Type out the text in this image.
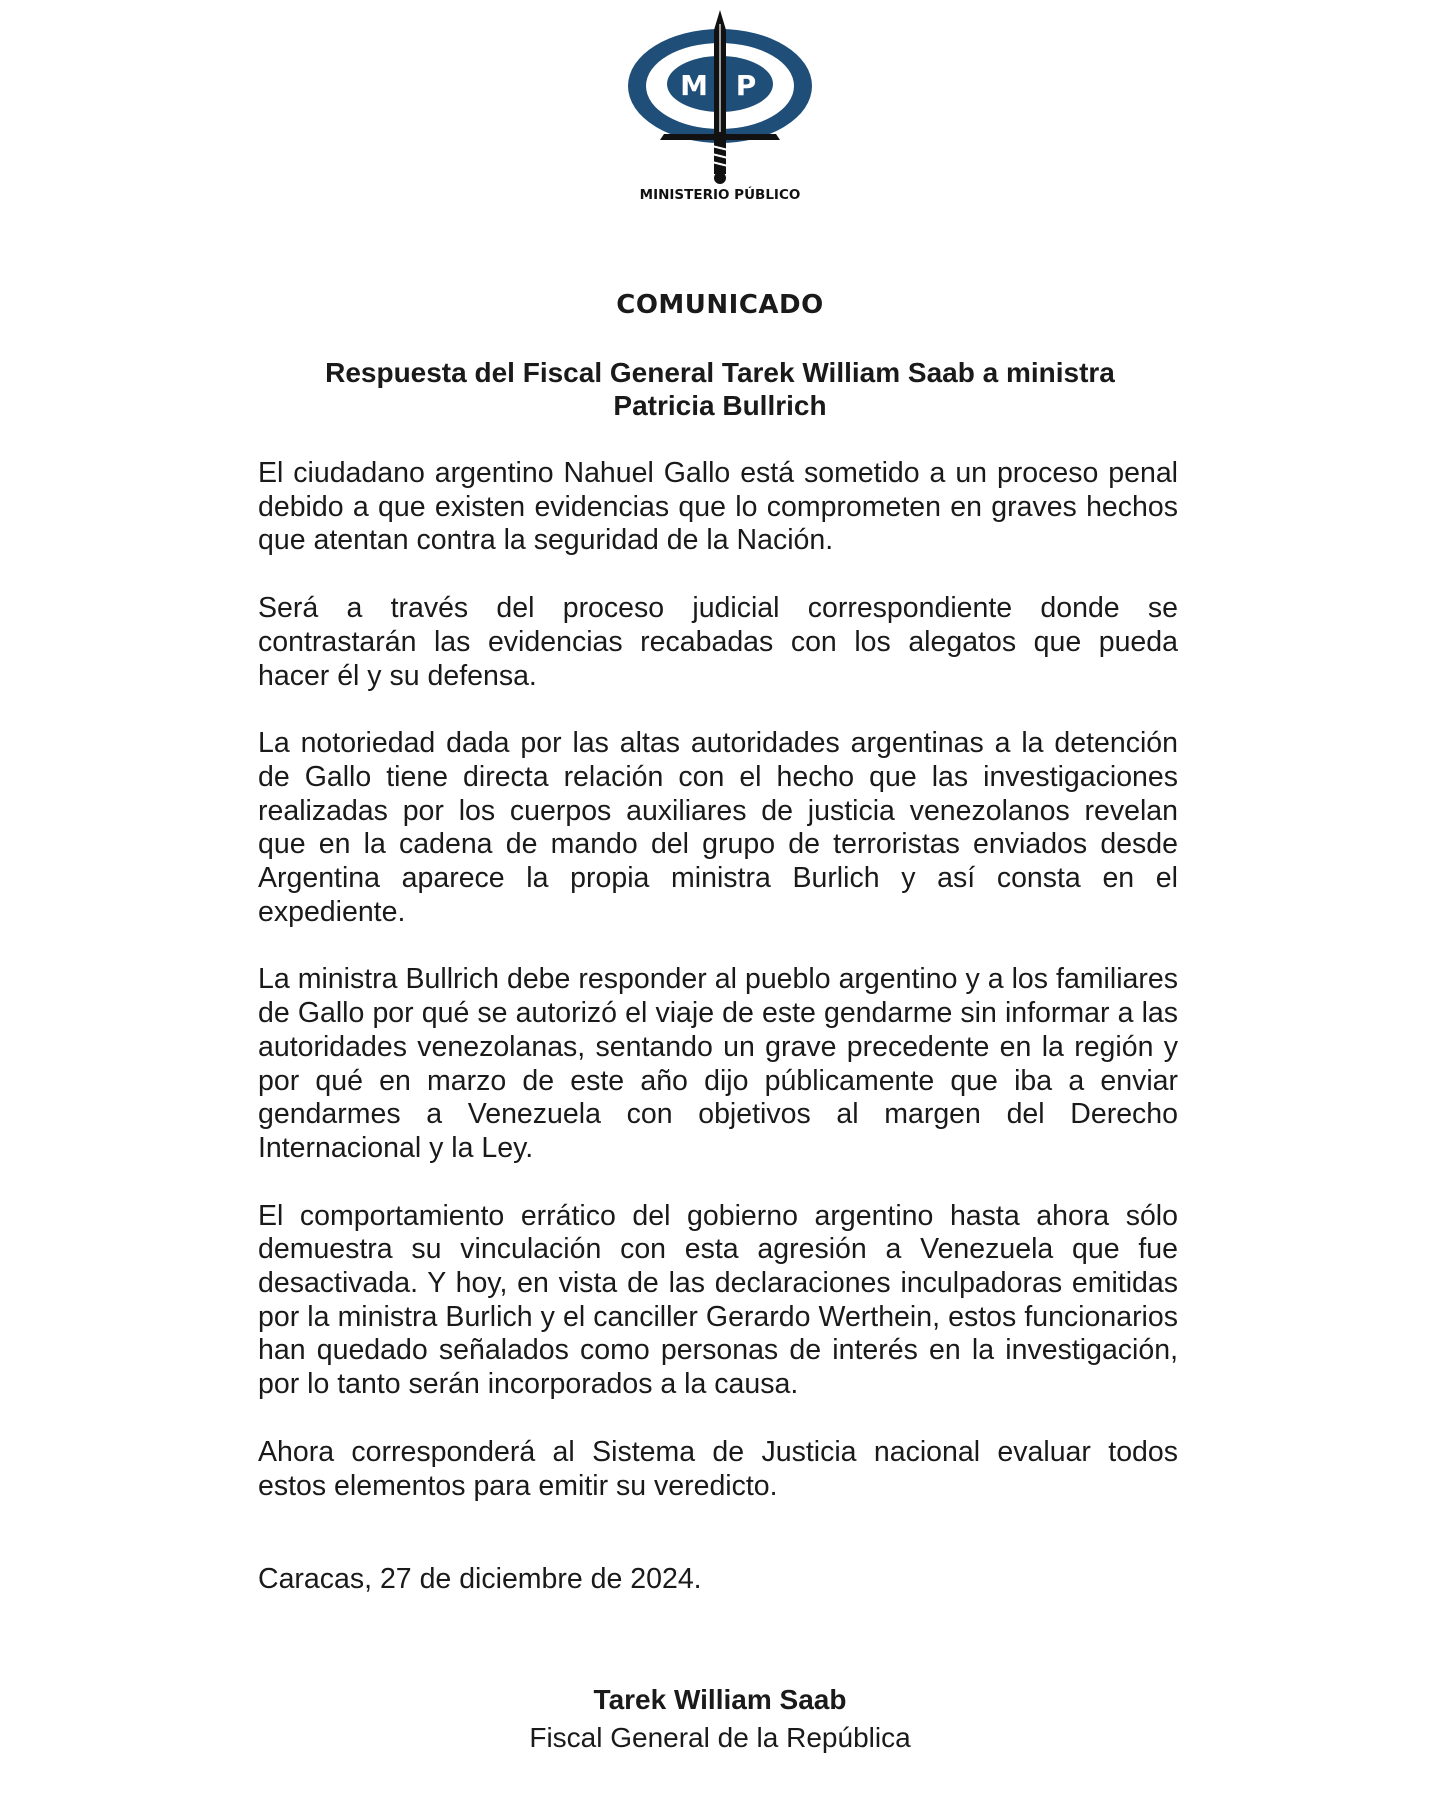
M P
MINISTERIO PÚBLICO
COMUNICADO
Respuesta del Fiscal General Tarek William Saab a ministra Patricia Bullrich

El ciudadano argentino Nahuel Gallo está sometido a un proceso penal debido a que existen evidencias que lo comprometen en graves hechos que atentan contra la seguridad de la Nación.

Será a través del proceso judicial correspondiente donde se contrastarán las evidencias recabadas con los alegatos que pueda hacer él y su defensa.

La notoriedad dada por las altas autoridades argentinas a la detención de Gallo tiene directa relación con el hecho que las investigaciones realizadas por los cuerpos auxiliares de justicia venezolanos revelan que en la cadena de mando del grupo de terroristas enviados desde Argentina aparece la propia ministra Burlich y así consta en el expediente.

La ministra Bullrich debe responder al pueblo argentino y a los familiares de Gallo por qué se autorizó el viaje de este gendarme sin informar a las autoridades venezolanas, sentando un grave precedente en la región y por qué en marzo de este año dijo públicamente que iba a enviar gendarmes a Venezuela con objetivos al margen del Derecho Internacional y la Ley.

El comportamiento errático del gobierno argentino hasta ahora sólo demuestra su vinculación con esta agresión a Venezuela que fue desactivada. Y hoy, en vista de las declaraciones inculpadoras emitidas por la ministra Burlich y el canciller Gerardo Werthein, estos funcionarios han quedado señalados como personas de interés en la investigación, por lo tanto serán incorporados a la causa.

Ahora corresponderá al Sistema de Justicia nacional evaluar todos estos elementos para emitir su veredicto.

Caracas, 27 de diciembre de 2024.
Tarek William Saab
Fiscal General de la República
